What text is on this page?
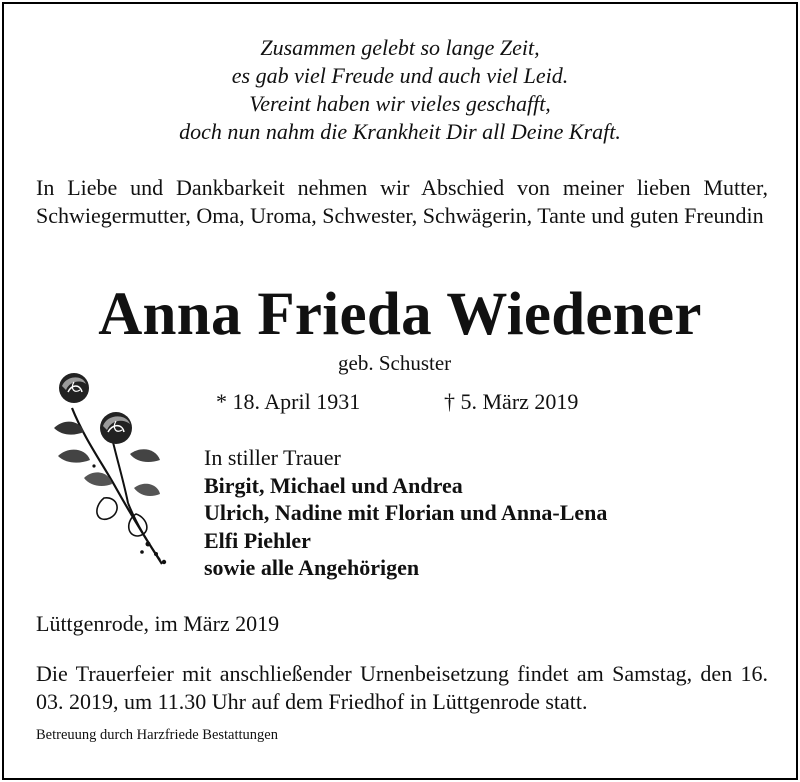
Zusammen gelebt so lange Zeit,
es gab viel Freude und auch viel Leid.
Vereint haben wir vieles geschafft,
doch nun nahm die Krankheit Dir all Deine Kraft.
In Liebe und Dankbarkeit nehmen wir Abschied von meiner lieben Mutter, Schwiegermutter, Oma, Uroma, Schwester, Schwägerin, Tante und guten Freundin
Anna Frieda Wiedener
geb. Schuster
* 18. April 1931	† 5. März 2019
In stiller Trauer
Birgit, Michael und Andrea
Ulrich, Nadine mit Florian und Anna-Lena
Elfi Piehler
sowie alle Angehörigen
Lüttgenrode, im März 2019
Die Trauerfeier mit anschließender Urnenbeisetzung findet am Samstag, den 16. 03. 2019, um 11.30 Uhr auf dem Friedhof in Lüttgenrode statt.
Betreuung durch Harzfriede Bestattungen
